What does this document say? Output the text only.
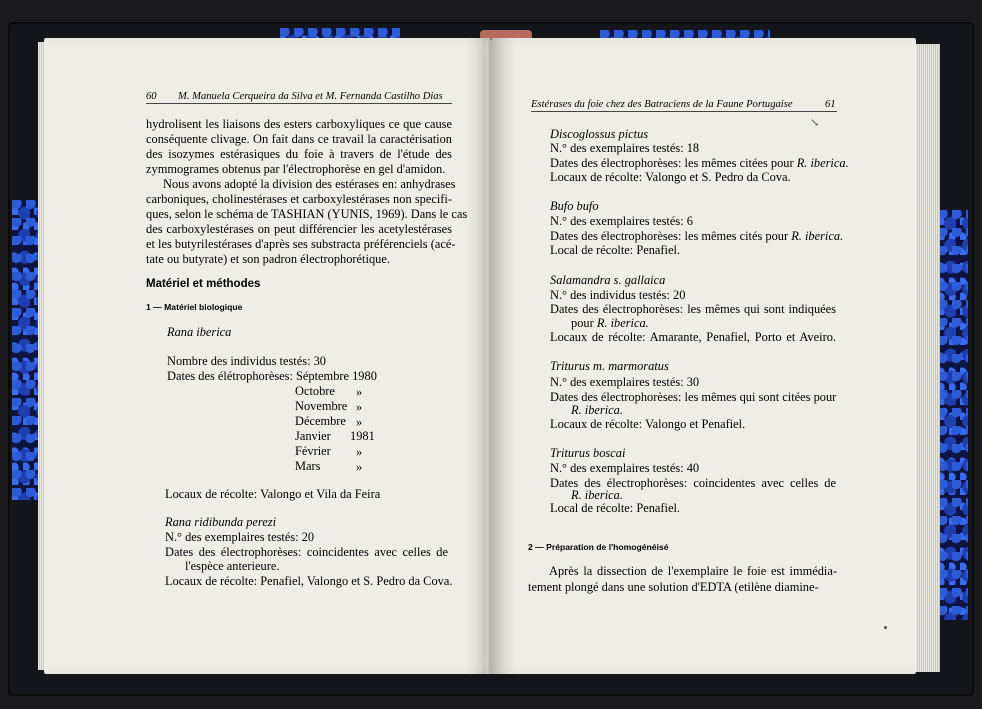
60 M. Manuela Cerqueira da Silva et M. Fernanda Castilho Dias
hydrolisent les liaisons des esters carboxyliques ce que cause
conséquente clivage. On fait dans ce travail la caractérisation
des isozymes estérasiques du foie à travers de l'étude des
zymmogrames obtenus par l'électrophorèse en gel d'amidon.
Nous avons adopté la division des estérases en: anhydrases
carboniques, cholinestérases et carboxylestérases non specifi-
ques, selon le schéma de TASHIAN (YUNIS, 1969). Dans le cas
des carboxylestérases on peut différencier les acetylestérases
et les butyrilestérases d'après ses substracta préférenciels (acé-
tate ou butyrate) et son padron électrophorétique.
Matériel et méthodes
1 — Matériel biologique
Rana iberica
Nombre des individus testés: 30
Dates des élétrophorèses: Séptembre 1980
Octobre »
Novembre »
Décembre »
Janvier 1981
Février »
Mars	»
Locaux de récolte: Valongo et Vila da Feira
Rana ridibunda perezi
N.° des exemplaires testés: 20
Dates des électrophorèses: coincidentes avec celles de
l'espèce anterieure.
Locaux de récolte: Penafiel, Valongo et S. Pedro da Cova.
Estérases du foie chez des Batraciens de la Faune Portugaise	61
↘
Discoglossus pictus
N.° des exemplaires testés: 18
Dates des électrophorèses: les mêmes citées pour R. iberica.
Locaux de récolte: Valongo et S. Pedro da Cova.
Bufo bufo
N.° des exemplaires testés: 6
Dates des électrophorèses: les mêmes cités pour R. iberica.
Local de récolte: Penafiel.
Salamandra s. gallaica
N.° des individus testés: 20
Dates des électrophorèses: les mêmes qui sont indiquées
pour R. iberica.
Locaux de récolte: Amarante, Penafiel, Porto et Aveiro.
Triturus m. marmoratus
N.° des exemplaires testés: 30
Dates des électrophorèses: les mêmes qui sont citées pour
R. iberica.
Locaux de récolte: Valongo et Penafiel.
Triturus boscai
N.° des exemplaires testés: 40
Dates des électrophorèses: coincidentes avec celles de
R. iberica.
Local de récolte: Penafiel.
2 — Préparation de l'homogénéisé
Après la dissection de l'exemplaire le foie est immédia-
tement plongé dans une solution d'EDTA (etilène diamine-
